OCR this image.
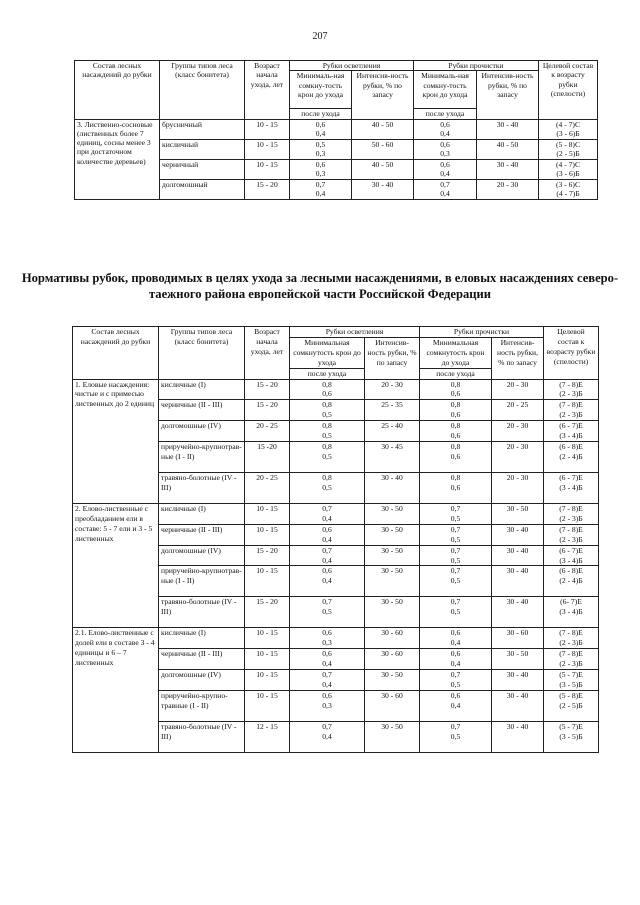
207
Состав лесных насаждений до рубки	Группы типов леса (класс бонитета)	Возраст начала ухода, лет	Рубки осветления		Рубки прочистки		Целевой состав к возрасту рубки (спелости)
			Минималь-ная сомкну-тость крон до ухода	Интенсив-ность рубки, % по запасу	Минималь-ная сомкну-тость крон до ухода	Интенсив-ность рубки, % по запасу	
			после ухода		после ухода		
3. Лиственно-сосновые (лиственных более 7 единиц, сосны менее 3 при достаточном количестве деревьев)	брусничный	10 - 15	0,6
0,4	40 - 50	0,6
0,4	30 - 40	(4 - 7)С
(3 - 6)Б

	кисличный	10 - 15	0,5
0,3	50 - 60	0,6
0,3	40 - 50	(5 - 8)С
(2 - 5)Б

	черничный	10 - 15	0,6
0,3	40 - 50	0,6
0,4	30 - 40	(4 - 7)С
(3 - 6)Б

	долгомошный	15 - 20	0,7
0,4	30 - 40	0,7
0,4	20 - 30	(3 - 6)С
(4 - 7)Б
Нормативы рубок, проводимых в целях ухода за лесными насаждениями, в еловых насаждениях северо-таежного района европейской части Российской Федерации
Состав лесных насаждений до рубки	Группы типов леса (класс бонитета)	Возраст начала ухода, лет	Рубки осветления		Рубки прочистки		Целевой состав к возрасту рубки (спелости)
			Минимальная сомкнутость крон до ухода	Интенсив-ность рубки, % по запасу	Минимальная сомкнутость крон до ухода	Интенсив-ность рубки, % по запасу	
			после ухода		после ухода		
1. Еловые насаждения: чистые и с примесью лиственных до 2 единиц	кисличные (I)	15 - 20	0,8
0,6	20 - 30	0,8
0,6	20 - 30	(7 - 8)Е
(2 - 3)Б

	черничные (II - III)	15 - 20	0,8
0,5	25 - 35	0,8
0,6	20 - 25	(7 - 8)Е
(2 - 3)Б

	долгомошные (IV)	20 - 25	0,8
0,5	25 - 40	0,8
0,6	20 - 30	(6 - 7)Е
(3 - 4)Б

	приручейно-крупнотрав-ные (I - II)	15 -20	0,8
0,5	30 - 45	0,8
0,6	20 - 30	(6 - 8)Е
(2 - 4)Б

	травяно-болотные (IV - III)	20 - 25	0,8
0,5	30 - 40	0,8
0,6	20 - 30	(6 - 7)Е
(3 - 4)Б

2. Елово-лиственные с преобладанием ели в составе: 5 - 7 ели и 3 - 5 лиственных	кисличные (I)	10 - 15	0,7
0,4	30 - 50	0,7
0,5	30 - 50	(7 - 8)Е
(2 - 3)Б

	черничные (II - III)	10 - 15	0,6
0,4	30 - 50	0,7
0,5	30 - 40	(7 - 8)Е
(2 - 3)Б

	долгомошные (IV)	15 - 20	0,7
0,4	30 - 50	0,7
0,5	30 - 40	(6 - 7)Е
(3 - 4)Б

	приручейно-крупнотрав-ные (I - II)	10 - 15	0,6
0,4	30 - 50	0,7
0,5	30 - 40	(6 - 8)Е
(2 - 4)Б

	травяно-болотные (IV - III)	15 - 20	0,7
0,5	30 - 50	0,7
0,5	30 - 40	(6- 7)Е
(3 - 4)Б

2.1. Елово-лиственные с долей ели в составе 3 - 4 единицы и 6 – 7 лиственных	кисличные (I)	10 - 15	0,6
0,3	30 - 60	0,6
0,4	30 - 60	(7 - 8)Е
(2 - 3)Б

	черничные (II - III)	10 - 15	0,6
0,4	30 - 60	0,6
0,4	30 - 50	(7 - 8)Е
(2 - 3)Б

	долгомошные (IV)	10 - 15	0,7
0,4	30 - 50	0,7
0,5	30 - 40	(5 - 7)Е
(3 - 5)Б

	приручейно-крупно-травные (I - II)	10 - 15	0,6
0,3	30 - 60	0,6
0,4	30 - 40	(5 - 8)Е
(2 - 5)Б

	травяно-болотные (IV - III)	12 - 15	0,7
0,4	30 - 50	0,7
0,5	30 - 40	(5 - 7)Е
(3 - 5)Б
